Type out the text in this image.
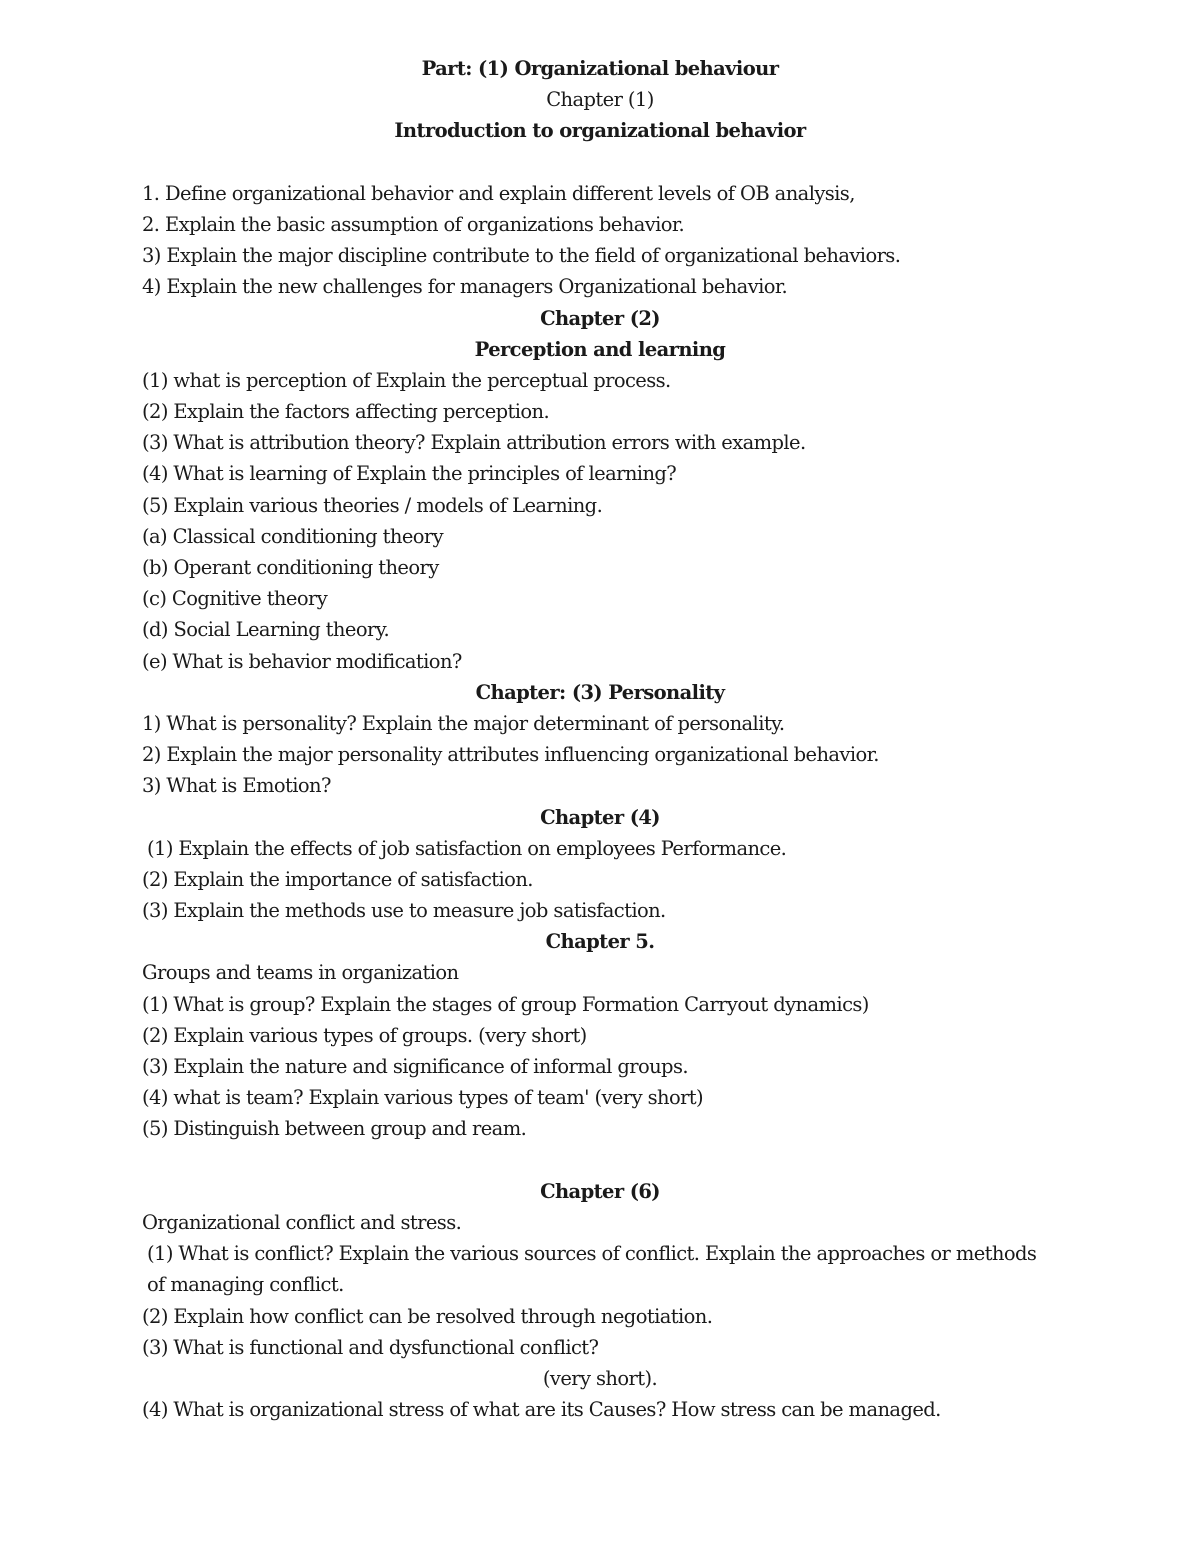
Part: (1) Organizational behaviour
Chapter (1)
Introduction to organizational behavior
1. Define organizational behavior and explain different levels of OB analysis,
2. Explain the basic assumption of organizations behavior.
3) Explain the major discipline contribute to the field of organizational behaviors.
4) Explain the new challenges for managers Organizational behavior.
Chapter (2)
Perception and learning
(1) what is perception of Explain the perceptual process.
(2) Explain the factors affecting perception.
(3) What is attribution theory? Explain attribution errors with example.
(4) What is learning of Explain the principles of learning?
(5) Explain various theories / models of Learning.
(a) Classical conditioning theory
(b) Operant conditioning theory
(c) Cognitive theory
(d) Social Learning theory.
(e) What is behavior modification?
Chapter: (3) Personality
1) What is personality? Explain the major determinant of personality.
2) Explain the major personality attributes influencing organizational behavior.
3) What is Emotion?
Chapter (4)
(1) Explain the effects of job satisfaction on employees Performance.
(2) Explain the importance of satisfaction.
(3) Explain the methods use to measure job satisfaction.
Chapter 5.
Groups and teams in organization
(1) What is group? Explain the stages of group Formation Carryout dynamics)
(2) Explain various types of groups. (very short)
(3) Explain the nature and significance of informal groups.
(4) what is team? Explain various types of team' (very short)
(5) Distinguish between group and ream.
Chapter (6)
Organizational conflict and stress.
(1) What is conflict? Explain the various sources of conflict. Explain the approaches or methods of managing conflict.
(2) Explain how conflict can be resolved through negotiation.
(3) What is functional and dysfunctional conflict?
(very short).
(4) What is organizational stress of what are its Causes? How stress can be managed.
